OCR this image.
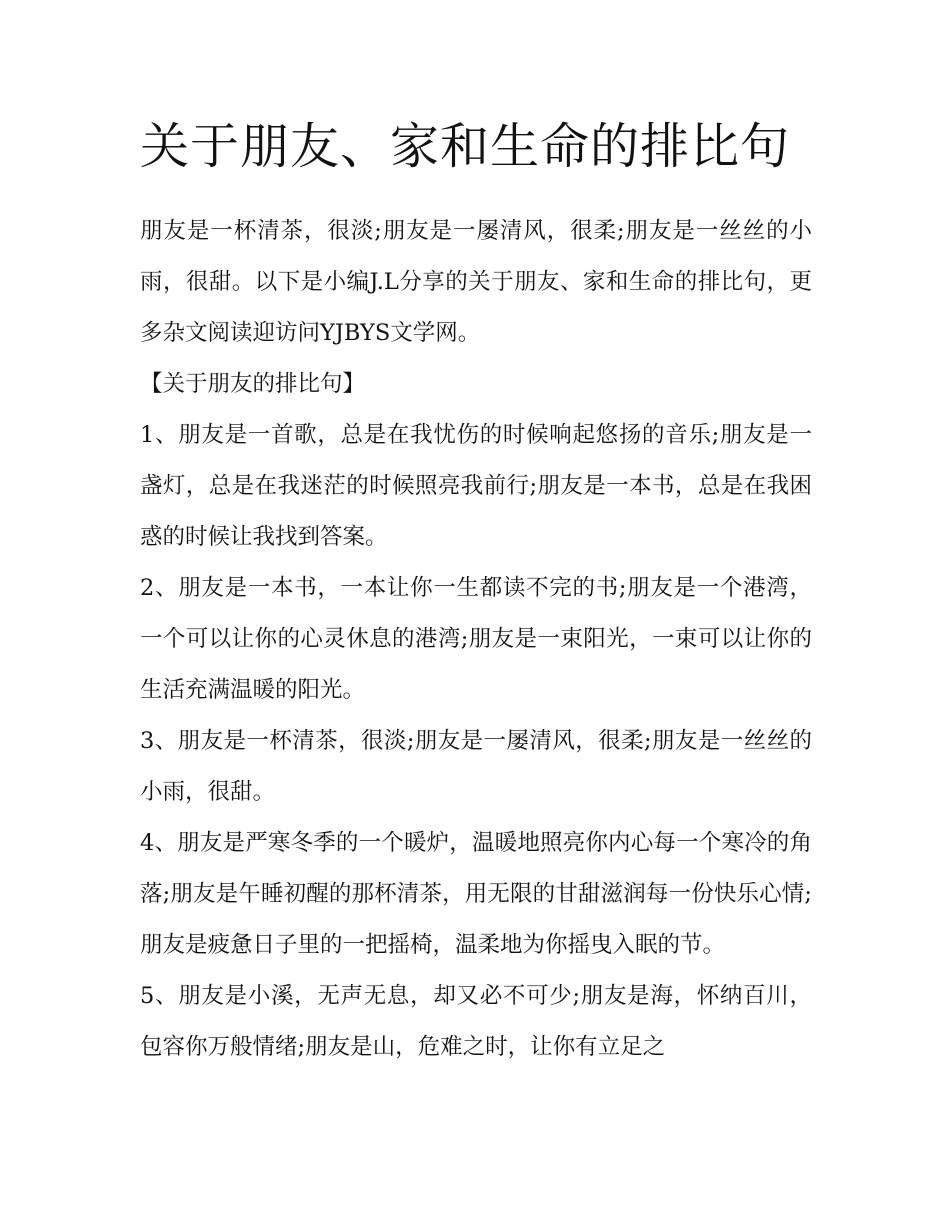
关于朋友、家和生命的排比句

朋友是一杯清茶，很淡;朋友是一屡清风，很柔;朋友是一丝丝的小雨，很甜。以下是小编J.L分享的关于朋友、家和生命的排比句，更多杂文阅读迎访问YJBYS文学网。

【关于朋友的排比句】

1、朋友是一首歌，总是在我忧伤的时候响起悠扬的音乐;朋友是一盏灯，总是在我迷茫的时候照亮我前行;朋友是一本书，总是在我困惑的时候让我找到答案。

2、朋友是一本书，一本让你一生都读不完的书;朋友是一个港湾，一个可以让你的心灵休息的港湾;朋友是一束阳光，一束可以让你的生活充满温暖的阳光。

3、朋友是一杯清茶，很淡;朋友是一屡清风，很柔;朋友是一丝丝的小雨，很甜。

4、朋友是严寒冬季的一个暖炉，温暖地照亮你内心每一个寒冷的角落;朋友是午睡初醒的那杯清茶，用无限的甘甜滋润每一份快乐心情;朋友是疲惫日子里的一把摇椅，温柔地为你摇曳入眠的节。

5、朋友是小溪，无声无息，却又必不可少;朋友是海，怀纳百川，包容你万般情绪;朋友是山，危难之时，让你有立足之
